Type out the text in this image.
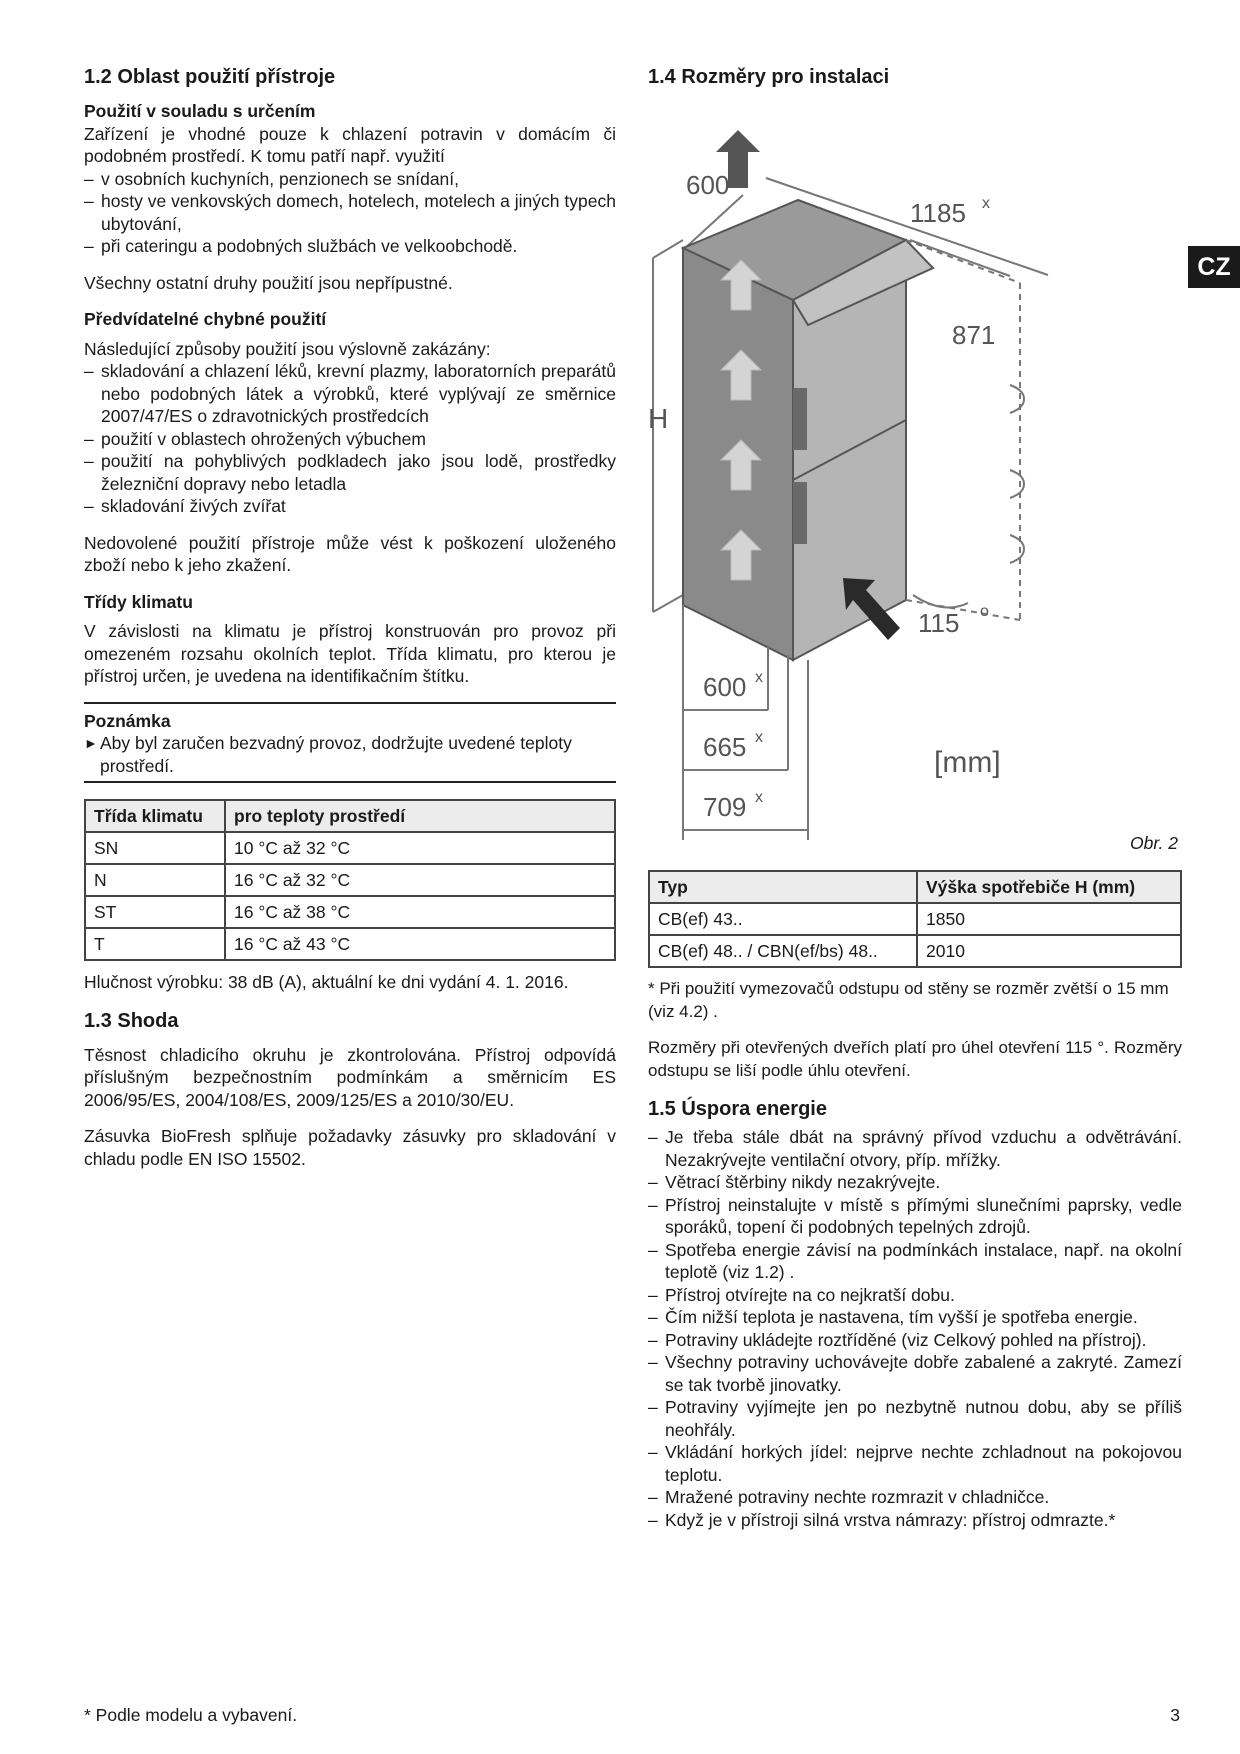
CZ
1.2 Oblast použití přístroje
Použití v souladu s určením

Zařízení je vhodné pouze k chlazení potravin v domácím či podobném prostředí. K tomu patří např. využití

– v osobních kuchyních, penzionech se snídaní,
– hosty ve venkovských domech, hotelech, motelech a jiných typech ubytování,
– při cateringu a podobných službách ve velkoobchodě.

Všechny ostatní druhy použití jsou nepřípustné.

Předvídatelné chybné použití

Následující způsoby použití jsou výslovně zakázány:

– skladování a chlazení léků, krevní plazmy, laboratorních preparátů nebo podobných látek a výrobků, které vyplývají ze směrnice 2007/47/ES o zdravotnických prostředcích
– použití v oblastech ohrožených výbuchem
– použití na pohyblivých podkladech jako jsou lodě, prostředky železniční dopravy nebo letadla
– skladování živých zvířat

Nedovolené použití přístroje může vést k poškození uloženého zboží nebo k jeho zkažení.

Třídy klimatu

V závislosti na klimatu je přístroj konstruován pro provoz při omezeném rozsahu okolních teplot. Třída klimatu, pro kterou je přístroj určen, je uvedena na identifikačním štítku.

Poznámka
► Aby byl zaručen bezvadný provoz, dodržujte uvedené teploty prostředí.
Třída klimatu	pro teploty prostředí
SN	10 °C až 32 °C
N	16 °C až 32 °C
ST	16 °C až 38 °C
T	16 °C až 43 °C

Hlučnost výrobku: 38 dB (A), aktuální ke dni vydání 4. 1. 2016.

1.3 Shoda

Těsnost chladicího okruhu je zkontrolována. Přístroj odpovídá příslušným bezpečnostním podmínkám a směrnicím ES 2006/95/ES, 2004/108/ES, 2009/125/ES a 2010/30/EU.

Zásuvka BioFresh splňuje požadavky zásuvky pro skladování v chladu podle EN ISO 15502.

1.4 Rozměry pro instalaci
600
1185
871
H
115
600
665
709
x
x
x
x
o
[mm]
Obr. 2
Typ	Výška spotřebiče H (mm)
CB(ef) 43..	1850
CB(ef) 48.. / CBN(ef/bs) 48..	2010

* Při použití vymezovačů odstupu od stěny se rozměr zvětší o 15 mm (viz 4.2) .

Rozměry při otevřených dveřích platí pro úhel otevření 115 °. Rozměry odstupu se liší podle úhlu otevření.

1.5 Úspora energie
– Je třeba stále dbát na správný přívod vzduchu a odvětrávání. Nezakrývejte ventilační otvory, příp. mřížky.
– Větrací štěrbiny nikdy nezakrývejte.
– Přístroj neinstalujte v místě s přímými slunečními paprsky, vedle sporáků, topení či podobných tepelných zdrojů.
– Spotřeba energie závisí na podmínkách instalace, např. na okolní teplotě (viz 1.2) .
– Přístroj otvírejte na co nejkratší dobu.
– Čím nižší teplota je nastavena, tím vyšší je spotřeba energie.
– Potraviny ukládejte roztříděné (viz Celkový pohled na přístroj).
– Všechny potraviny uchovávejte dobře zabalené a zakryté. Zamezí se tak tvorbě jinovatky.
– Potraviny vyjímejte jen po nezbytně nutnou dobu, aby se příliš neohřály.
– Vkládání horkých jídel: nejprve nechte zchladnout na pokojovou teplotu.
– Mražené potraviny nechte rozmrazit v chladničce.
– Když je v přístroji silná vrstva námrazy: přístroj odmrazte.*
* Podle modelu a vybavení.	3
